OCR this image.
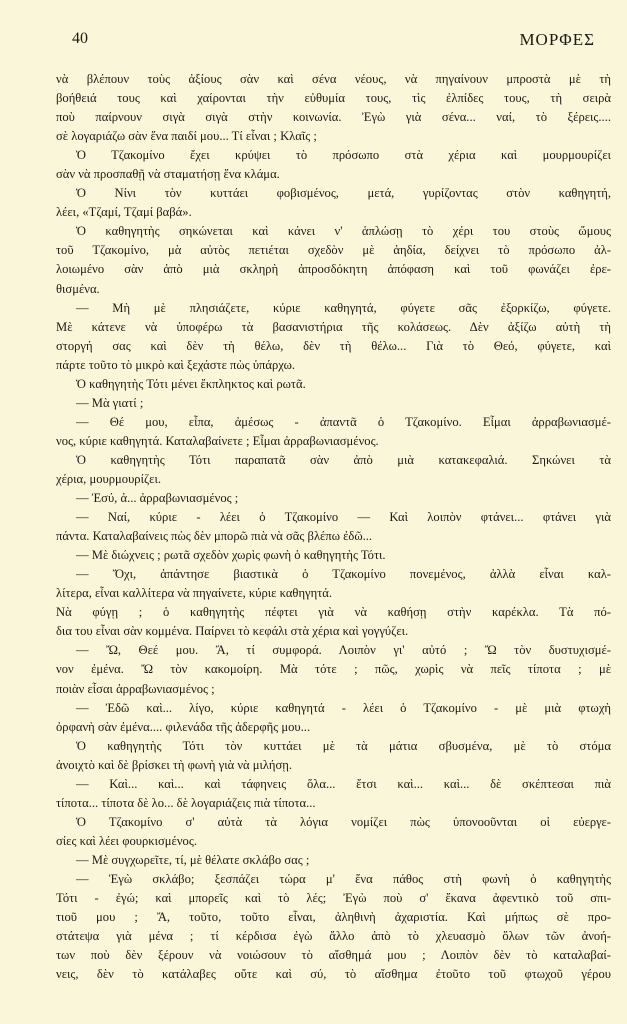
40	ΜΟΡΦΕΣ
νὰ βλέπουν τοὺς ἀξίους σὰν καὶ σένα νέους, νὰ πηγαίνουν μπροστὰ μὲ τὴ
βοήθειά τους καὶ χαίρονται τὴν εὐθυμία τους, τὶς ἐλπίδες τους, τὴ σειρὰ
ποὺ παίρνουν σιγὰ σιγὰ στὴν κοινωνία. Ἐγὼ γιὰ σένα... ναί, τὸ ξέρεις....
σὲ λογαριάζω σὰν ἕνα παιδί μου... Τί εἶναι ; Κλαῖς ;
Ὁ Τζακομίνο ἔχει κρύψει τὸ πρόσωπο στὰ χέρια καὶ μουρμουρίζει
σὰν νὰ προσπαθῇ νὰ σταματήσῃ ἕνα κλάμα.
Ὁ Νίνι τὸν κυττάει φοβισμένος, μετά, γυρίζοντας στὸν καθηγητή,
λέει, «Τζαμί, Τζαμί βαβά».
Ὁ καθηγητὴς σηκώνεται καὶ κάνει ν' ἁπλώσῃ τὸ χέρι του στοὺς ὤμους
τοῦ Τζακομίνο, μὰ αὐτὸς πετιέται σχεδὸν μὲ ἀηδία, δείχνει τὸ πρόσωπο ἀλ-
λοιωμένο σὰν ἀπὸ μιὰ σκληρὴ ἀπροσδόκητη ἀπόφαση καὶ τοῦ φωνάζει ἐρε-
θισμένα.
— Μὴ μὲ πλησιάζετε, κύριε καθηγητά, φύγετε σᾶς ἐξορκίζω, φύγετε.
Μὲ κάτενε νὰ ὑποφέρω τὰ βασανιστήρια τῆς κολάσεως. Δὲν ἀξίζω αὐτὴ τὴ
στοργή σας καὶ δὲν τὴ θέλω, δὲν τὴ θέλω... Γιὰ τὸ Θεό, φύγετε, καὶ
πάρτε τοῦτο τὸ μικρὸ καὶ ξεχάστε πὼς ὑπάρχω.
Ὁ καθηγητὴς Τότι μένει ἔκπληκτος καὶ ρωτᾶ.
— Μὰ γιατί ;
— Θέ μου, εἶπα, ἀμέσως - ἀπαντᾶ ὁ Τζακομίνο. Εἶμαι ἀρραβωνιασμέ-
νος, κύριε καθηγητά. Καταλαβαίνετε ; Εἶμαι ἀρραβωνιασμένος.
Ὁ καθηγητὴς Τότι παραπατᾶ σὰν ἀπὸ μιὰ κατακεφαλιά. Σηκώνει τὰ
χέρια, μουρμουρίζει.
— Ἐσύ, ἀ... ἀρραβωνιασμένος ;
— Ναί, κύριε - λέει ὁ Τζακομίνο — Καὶ λοιπὸν φτάνει... φτάνει γιὰ
πάντα. Καταλαβαίνεις πὼς δὲν μπορῶ πιὰ νὰ σᾶς βλέπω ἐδῶ...
— Μὲ διώχνεις ; ρωτᾶ σχεδὸν χωρὶς φωνὴ ὁ καθηγητὴς Τότι.
— Ὄχι, ἀπάντησε βιαστικὰ ὁ Τζακομίνο πονεμένος, ἀλλὰ εἶναι καλ-
λίτερα, εἶναι καλλίτερα νὰ πηγαίνετε, κύριε καθηγητά.
Νὰ φύγῃ ; ὁ καθηγητὴς πέφτει γιὰ νὰ καθήσῃ στὴν καρέκλα. Τὰ πό-
δια του εἶναι σὰν κομμένα. Παίρνει τὸ κεφάλι στὰ χέρια καὶ γογγύζει.
— Ὤ, Θεέ μου. Ἄ, τί συμφορά. Λοιπὸν γι' αὐτό ; Ὤ τὸν δυστυχισμέ-
νον ἐμένα. Ὤ τὸν κακομοίρη. Μὰ τότε ; πῶς, χωρὶς νὰ πεῖς τίποτα ; μὲ
ποιὰν εἶσαι ἀρραβωνιασμένος ;
— Ἐδῶ καὶ... λίγο, κύριε καθηγητά - λέει ὁ Τζακομίνο - μὲ μιὰ φτωχὴ
ὀρφανὴ σὰν ἐμένα.... φιλενάδα τῆς ἀδερφῆς μου...
Ὁ καθηγητὴς Τότι τὸν κυττάει μὲ τὰ μάτια σβυσμένα, μὲ τὸ στόμα
ἀνοιχτὸ καὶ δὲ βρίσκει τὴ φωνὴ γιὰ νὰ μιλήσῃ.
— Καὶ... καὶ... καὶ τάφηνεις ὅλα... ἔτσι καὶ... καὶ... δὲ σκέπτεσαι πιὰ
τίποτα... τίποτα δὲ λο... δὲ λογαριάζεις πιὰ τίποτα...
Ὁ Τζακομίνο σ' αὐτὰ τὰ λόγια νομίζει πὼς ὑπονοοῦνται οἱ εὐεργε-
σίες καὶ λέει φουρκισμένος.
— Μὲ συγχωρεῖτε, τί, μὲ θέλατε σκλάβο σας ;
— Ἐγὼ σκλάβο; ξεσπάζει τώρα μ' ἕνα πάθος στὴ φωνὴ ὁ καθηγητὴς
Τότι - ἐγώ; καὶ μπορεῖς καὶ τὸ λές; Ἐγὼ ποὺ σ' ἔκανα ἀφεντικὸ τοῦ σπι-
τιοῦ μου ; Ἄ, τοῦτο, τοῦτο εἶναι, ἀληθινὴ ἀχαριστία. Καὶ μήπως σὲ προ-
στάτεψα γιὰ μένα ; τί κέρδισα ἐγὼ ἄλλο ἀπὸ τὸ χλευασμὸ ὅλων τῶν ἀνοή-
των ποὺ δὲν ξέρουν νὰ νοιώσουν τὸ αἴσθημά μου ; Λοιπὸν δὲν τὸ καταλαβαί-
νεις, δὲν τὸ κατάλαβες οὔτε καὶ σύ, τὸ αἴσθημα ἐτοῦτο τοῦ φτωχοῦ γέρου
